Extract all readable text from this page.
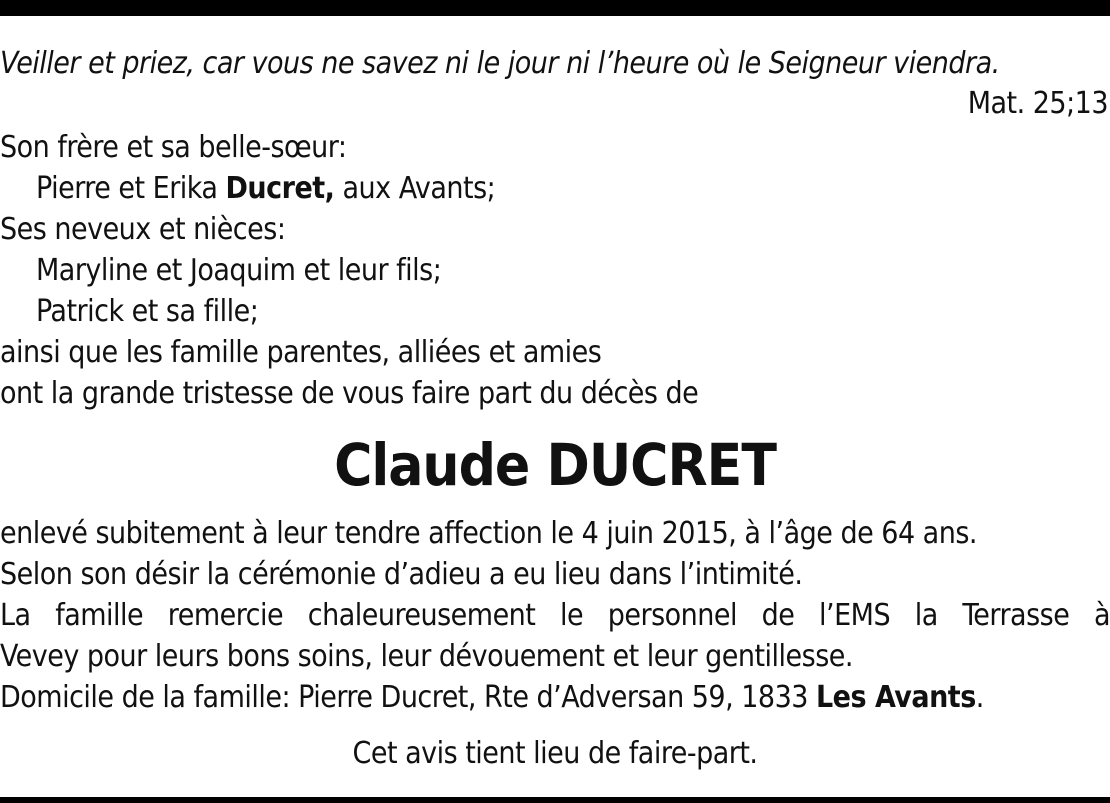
Veiller et priez, car vous ne savez ni le jour ni l’heure où le Seigneur viendra.
Mat. 25;13
Son frère et sa belle-sœur:
Pierre et Erika Ducret, aux Avants;
Ses neveux et nièces:
Maryline et Joaquim et leur fils;
Patrick et sa fille;
ainsi que les famille parentes, alliées et amies
ont la grande tristesse de vous faire part du décès de
Claude DUCRET
enlevé subitement à leur tendre affection le 4 juin 2015, à l’âge de 64 ans.
Selon son désir la cérémonie d’adieu a eu lieu dans l’intimité.
La famille remercie chaleureusement le personnel de l’EMS la Terrasse à
Vevey pour leurs bons soins, leur dévouement et leur gentillesse.
Domicile de la famille: Pierre Ducret, Rte d’Adversan 59, 1833 Les Avants.
Cet avis tient lieu de faire-part.
